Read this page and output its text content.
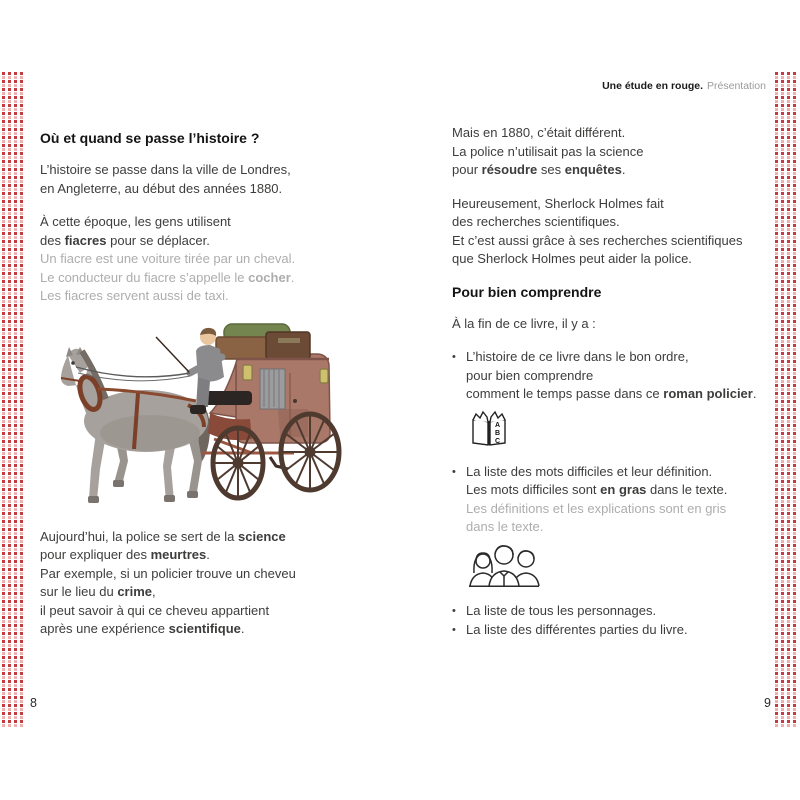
Une étude en rouge. Présentation
Où et quand se passe l’histoire ?
L’histoire se passe dans la ville de Londres,
en Angleterre, au début des années 1880.
À cette époque, les gens utilisent
des fiacres pour se déplacer.
Un fiacre est une voiture tirée par un cheval.
Le conducteur du fiacre s’appelle le cocher.
Les fiacres servent aussi de taxi.
Aujourd’hui, la police se sert de la science
pour expliquer des meurtres.
Par exemple, si un policier trouve un cheveu
sur le lieu du crime,
il peut savoir à qui ce cheveu appartient
après une expérience scientifique.
Mais en 1880, c’était différent.
La police n’utilisait pas la science
pour résoudre ses enquêtes.
Heureusement, Sherlock Holmes fait
des recherches scientifiques.
Et c’est aussi grâce à ses recherches scientifiques
que Sherlock Holmes peut aider la police.
Pour bien comprendre
À la fin de ce livre, il y a :
• L’histoire de ce livre dans le bon ordre,
pour bien comprendre
comment le temps passe dans ce roman policier.
A
B
C
• La liste des mots difficiles et leur définition.
Les mots difficiles sont en gras dans le texte.
Les définitions et les explications sont en gris
dans le texte.
• La liste de tous les personnages.
• La liste des différentes parties du livre.
8	9
